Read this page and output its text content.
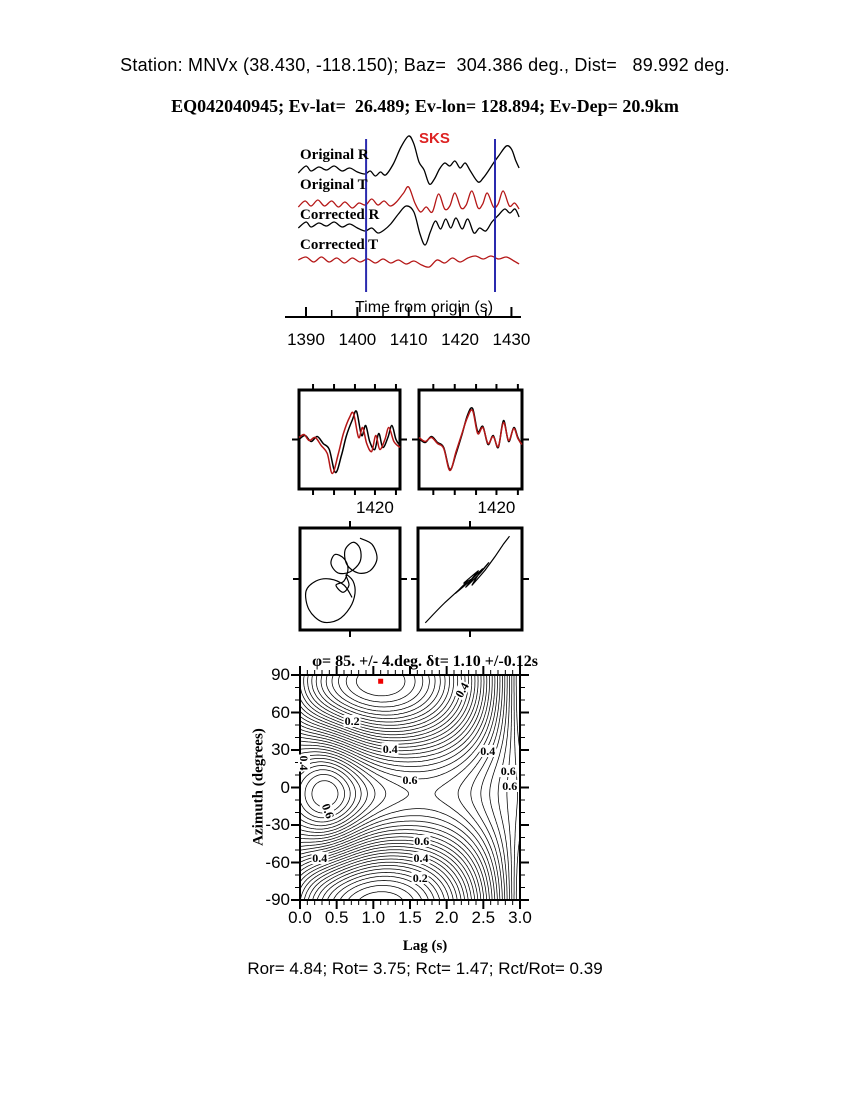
Station: MNVx (38.430, -118.150); Baz=  304.386 deg., Dist=   89.992 deg.
EQ042040945; Ev-lat=  26.489; Ev-lon= 128.894; Ev-Dep= 20.9km
Original R
Original T
Corrected R
Corrected T
SKS
Time from origin (s)
φ= 85. +/- 4.deg. δt= 1.10 +/-0.12s
Azimuth (degrees)
Lag (s)
Ror= 4.84; Rot= 3.75; Rct= 1.47; Rct/Rot= 0.39
1390 1400 1410 1420 1430
1420	1420
0.0 0.5 1.0 1.5 2.0 2.5 3.0
90
60
30
0
-30
-60
-90
0.2
0.4	0.4
0.4
0.6
0.6
0.6
0.6
0.6
0.4
0.2
0.4
0.4
